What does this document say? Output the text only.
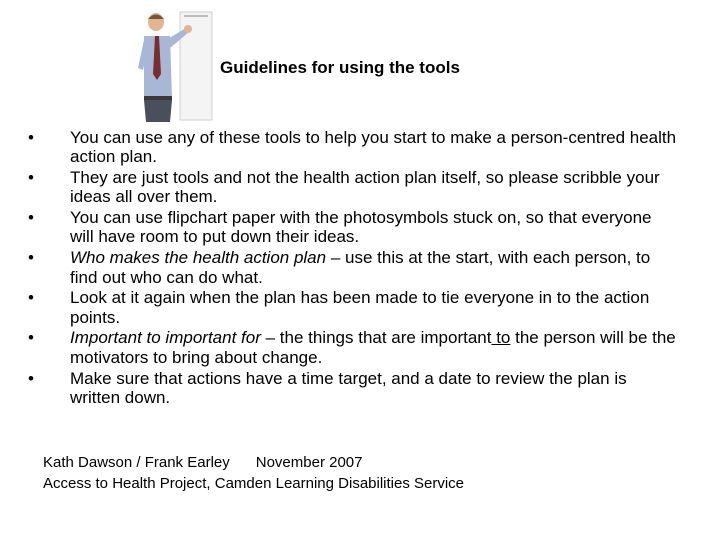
Guidelines for using the tools
• You can use any of these tools to help you start to make a person-centred health action plan.
• They are just tools and not the health action plan itself, so please scribble your ideas all over them.
• You can use flipchart paper with the photosymbols stuck on, so that everyone will have room to put down their ideas.
• Who makes the health action plan – use this at the start, with each person, to find out who can do what.
• Look at it again when the plan has been made to tie everyone in to the action points.
• Important to important for – the things that are important to the person will be the motivators to bring about change.
• Make sure that actions have a time target, and a date to review the plan is written down.
Kath Dawson / Frank Earley November 2007
Access to Health Project, Camden Learning Disabilities Service
